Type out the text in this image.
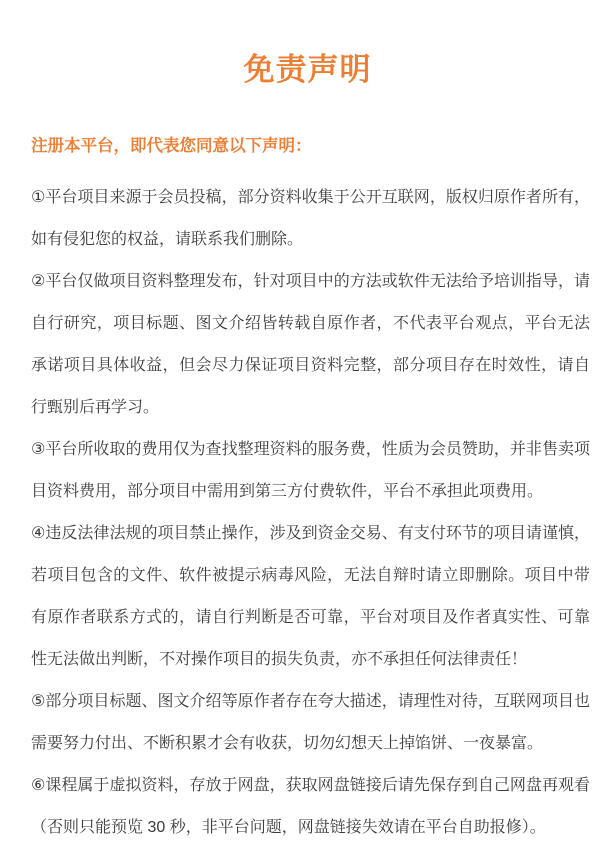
免责声明
注册本平台，即代表您同意以下声明：

①平台项目来源于会员投稿，部分资料收集于公开互联网，版权归原作者所有，如有侵犯您的权益，请联系我们删除。

②平台仅做项目资料整理发布，针对项目中的方法或软件无法给予培训指导，请自行研究，项目标题、图文介绍皆转载自原作者，不代表平台观点，平台无法承诺项目具体收益，但会尽力保证项目资料完整，部分项目存在时效性，请自行甄别后再学习。

③平台所收取的费用仅为查找整理资料的服务费，性质为会员赞助，并非售卖项目资料费用，部分项目中需用到第三方付费软件，平台不承担此项费用。

④违反法律法规的项目禁止操作，涉及到资金交易、有支付环节的项目请谨慎，若项目包含的文件、软件被提示病毒风险，无法自辩时请立即删除。项目中带有原作者联系方式的，请自行判断是否可靠，平台对项目及作者真实性、可靠性无法做出判断，不对操作项目的损失负责，亦不承担任何法律责任！

⑤部分项目标题、图文介绍等原作者存在夸大描述，请理性对待，互联网项目也需要努力付出、不断积累才会有收获，切勿幻想天上掉馅饼、一夜暴富。

⑥课程属于虚拟资料，存放于网盘，获取网盘链接后请先保存到自己网盘再观看（否则只能预览 30 秒，非平台问题，网盘链接失效请在平台自助报修）。
